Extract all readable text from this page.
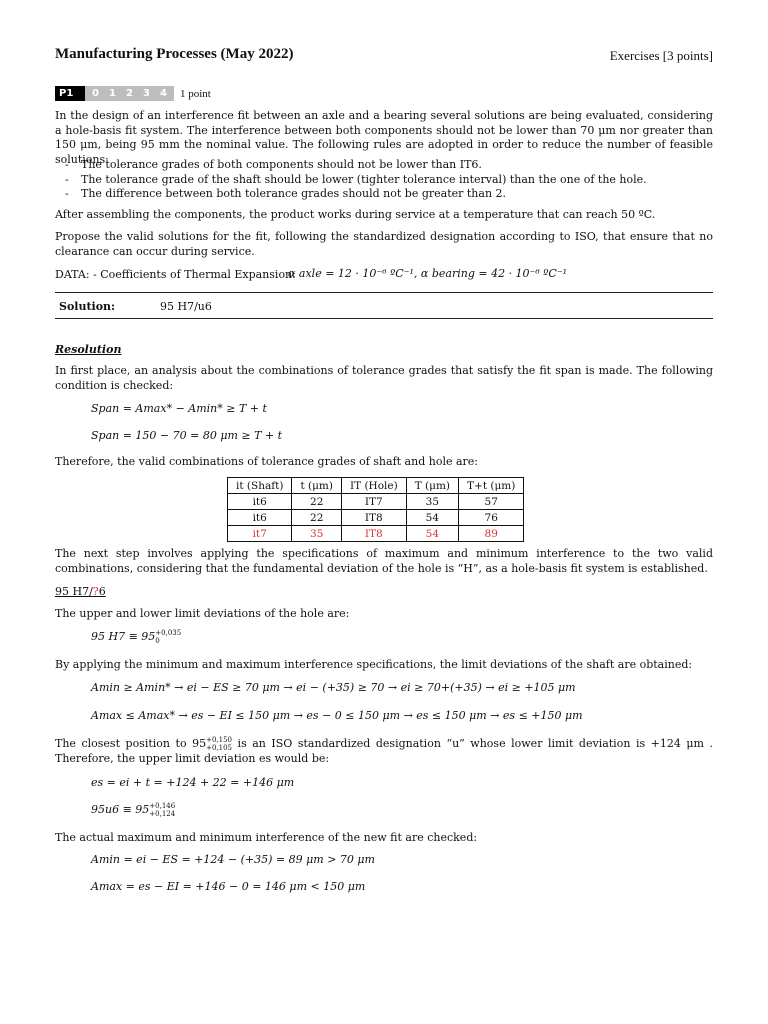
Manufacturing Processes (May 2022)	Exercises [3 points]
P1	0	1	2	3	4	1 point

In the design of an interference fit between an axle and a bearing several solutions are being evaluated, considering a hole-basis fit system. The interference between both components should not be lower than 70 μm nor greater than 150 μm, being 95 mm the nominal value. The following rules are adopted in order to reduce the number of feasible solutions:

- The tolerance grades of both components should not be lower than IT6.
- The tolerance grade of the shaft should be lower (tighter tolerance interval) than the one of the hole.
- The difference between both tolerance grades should not be greater than 2.

After assembling the components, the product works during service at a temperature that can reach 50 ºC.

Propose the valid solutions for the fit, following the standardized designation according to ISO, that ensure that no clearance can occur during service.

DATA: - Coefficients of Thermal Expansion:
α axle = 12 · 10⁻⁶ ºC⁻¹, α bearing = 42 · 10⁻⁶ ºC⁻¹
Solution:	95 H7/u6
Resolution

In first place, an analysis about the combinations of tolerance grades that satisfy the fit span is made. The following condition is checked:

Span = Amax* − Amin* ≥ T + t
Span = 150 − 70 = 80 μm ≥ T + t

Therefore, the valid combinations of tolerance grades of shaft and hole are:

it (Shaft)	t (μm)	IT (Hole)	T (μm)	T+t (μm)
it6	22	IT7	35	57
it6	22	IT8	54	76
it7	35	IT8	54	89

The next step involves applying the specifications of maximum and minimum interference to the two valid combinations, considering that the fundamental deviation of the hole is “H”, as a hole-basis fit system is established.

95 H7/?6

The upper and lower limit deviations of the hole are:

95 H7 ≡ 95+0,035
0

By applying the minimum and maximum interference specifications, the limit deviations of the shaft are obtained:

Amin ≥ Amin* → ei − ES ≥ 70 μm → ei − (+35) ≥ 70 → ei ≥ 70+(+35) → ei ≥ +105 μm
Amax ≤ Amax* → es − EI ≤ 150 μm → es − 0 ≤ 150 μm → es ≤ 150 μm → es ≤ +150 μm

The closest position to 95+0,150
+0,105 is an ISO standardized designation “u” whose lower limit deviation is +124 μm . Therefore, the upper limit deviation es would be:

es = ei + t = +124 + 22 = +146 μm
95u6 ≡ 95+0,146
+0,124

The actual maximum and minimum interference of the new fit are checked:

Amin = ei − ES = +124 − (+35) = 89 μm > 70 μm
Amax = es − EI = +146 − 0 = 146 μm < 150 μm
